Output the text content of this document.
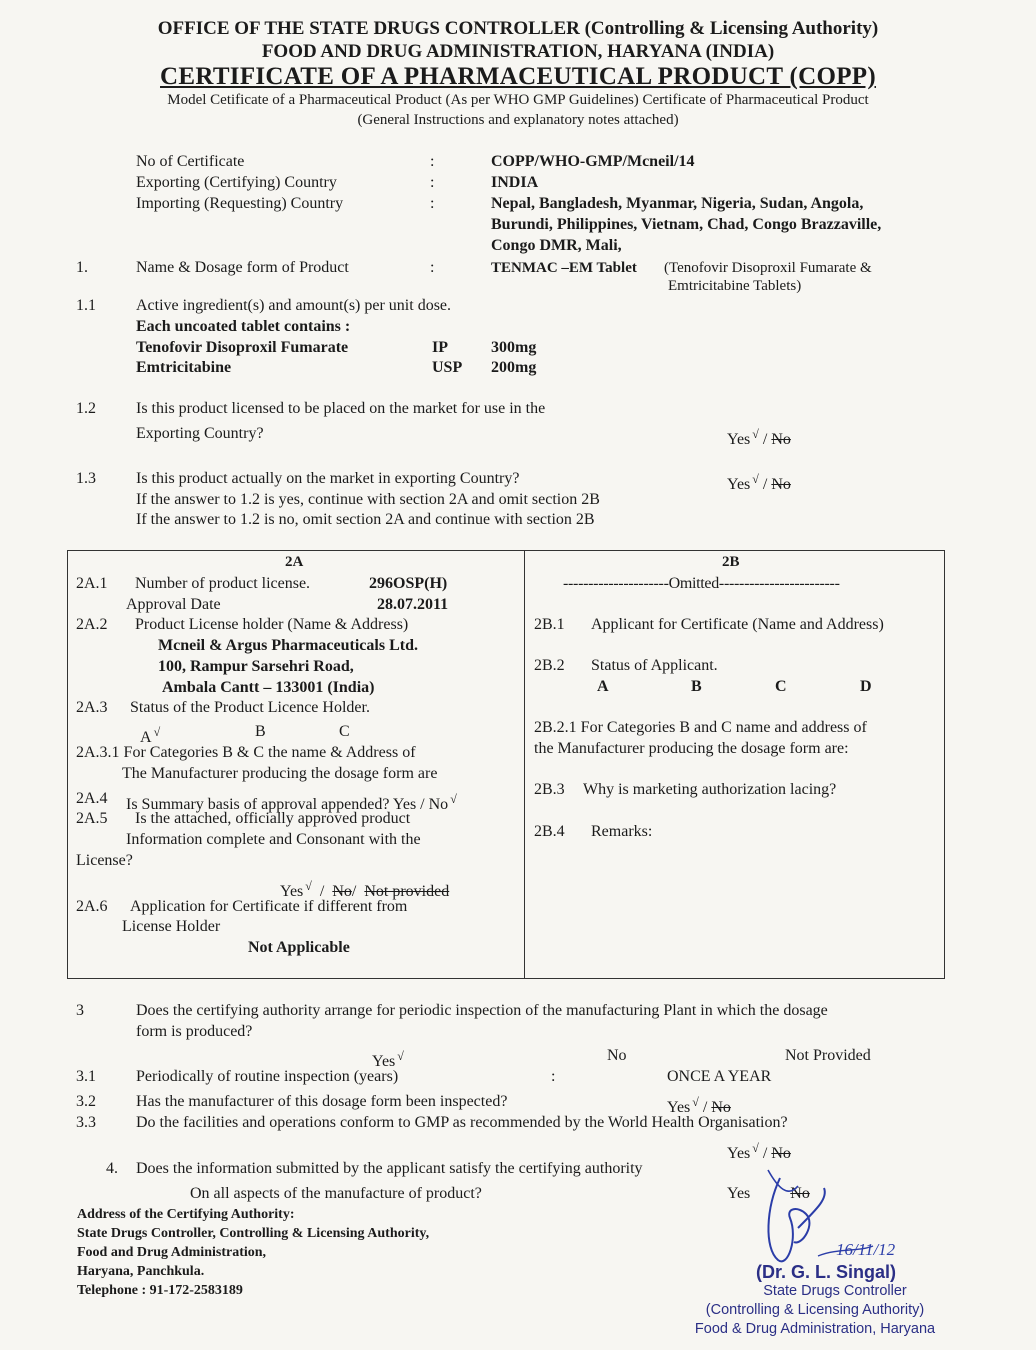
OFFICE OF THE STATE DRUGS CONTROLLER (Controlling & Licensing Authority)
FOOD AND DRUG ADMINISTRATION, HARYANA (INDIA)
CERTIFICATE OF A PHARMACEUTICAL PRODUCT (COPP)
Model Cetificate of a Pharmaceutical Product (As per WHO GMP Guidelines) Certificate of Pharmaceutical Product
(General Instructions and explanatory notes attached)
No of Certificate	:	COPP/WHO-GMP/Mcneil/14
Exporting (Certifying) Country	:	INDIA
Importing (Requesting) Country	:	Nepal, Bangladesh, Myanmar, Nigeria, Sudan, Angola,
Burundi, Philippines, Vietnam, Chad, Congo Brazzaville,
Congo DMR, Mali,
1.	Name & Dosage form of Product	:	TENMAC –EM Tablet (Tenofovir Disoproxil Fumarate &
Emtricitabine Tablets)
1.1	Active ingredient(s) and amount(s) per unit dose.
Each uncoated tablet contains :
Tenofovir Disoproxil Fumarate	IP	300mg
Emtricitabine	USP 200mg
1.2	Is this product licensed to be placed on the market for use in the
Exporting Country?	Yes √ / No
1.3	Is this product actually on the market in exporting Country?	Yes √ / No
If the answer to 1.2 is yes, continue with section 2A and omit section 2B
If the answer to 1.2 is no, omit section 2A and continue with section 2B
2A
2A.1 Number of product license.	296OSP(H)
Approval Date	28.07.2011
2A.2 Product License holder (Name & Address)
Mcneil & Argus Pharmaceuticals Ltd.
100, Rampur Sarsehri Road,
Ambala Cantt – 133001 (India)
2A.3 Status of the Product Licence Holder.
A √	B	C
2A.3.1 For Categories B & C the name & Address of
The Manufacturer producing the dosage form are
2A.4 Is Summary basis of approval appended? Yes / No √
2A.5 Is the attached, officially approved product
Information complete and Consonant with the
License?
Yes √ / No/ Not provided
2A.6 Application for Certificate if different from
License Holder
Not Applicable
2B
---------------------Omitted------------------------
2B.1 Applicant for Certificate (Name and Address)
2B.2 Status of Applicant.
A	B	C	D
2B.2.1 For Categories B and C name and address of
the Manufacturer producing the dosage form are:
2B.3 Why is marketing authorization lacing?
2B.4 Remarks:
3	Does the certifying authority arrange for periodic inspection of the manufacturing Plant in which the dosage
form is produced?
Yes √	No	Not Provided
3.1	Periodically of routine inspection (years)	:	ONCE A YEAR
3.2	Has the manufacturer of this dosage form been inspected?	Yes √ / No
3.3	Do the facilities and operations conform to GMP as recommended by the World Health Organisation?
Yes √ / No
4. Does the information submitted by the applicant satisfy the certifying authority
On all aspects of the manufacture of product?	Yes	No
Address of the Certifying Authority:
State Drugs Controller, Controlling & Licensing Authority,
Food and Drug Administration,
Haryana, Panchkula.
Telephone : 91-172-2583189
16/11/12
(Dr. G. L. Singal)
State Drugs Controller
(Controlling & Licensing Authority)
Food & Drug Administration, Haryana
